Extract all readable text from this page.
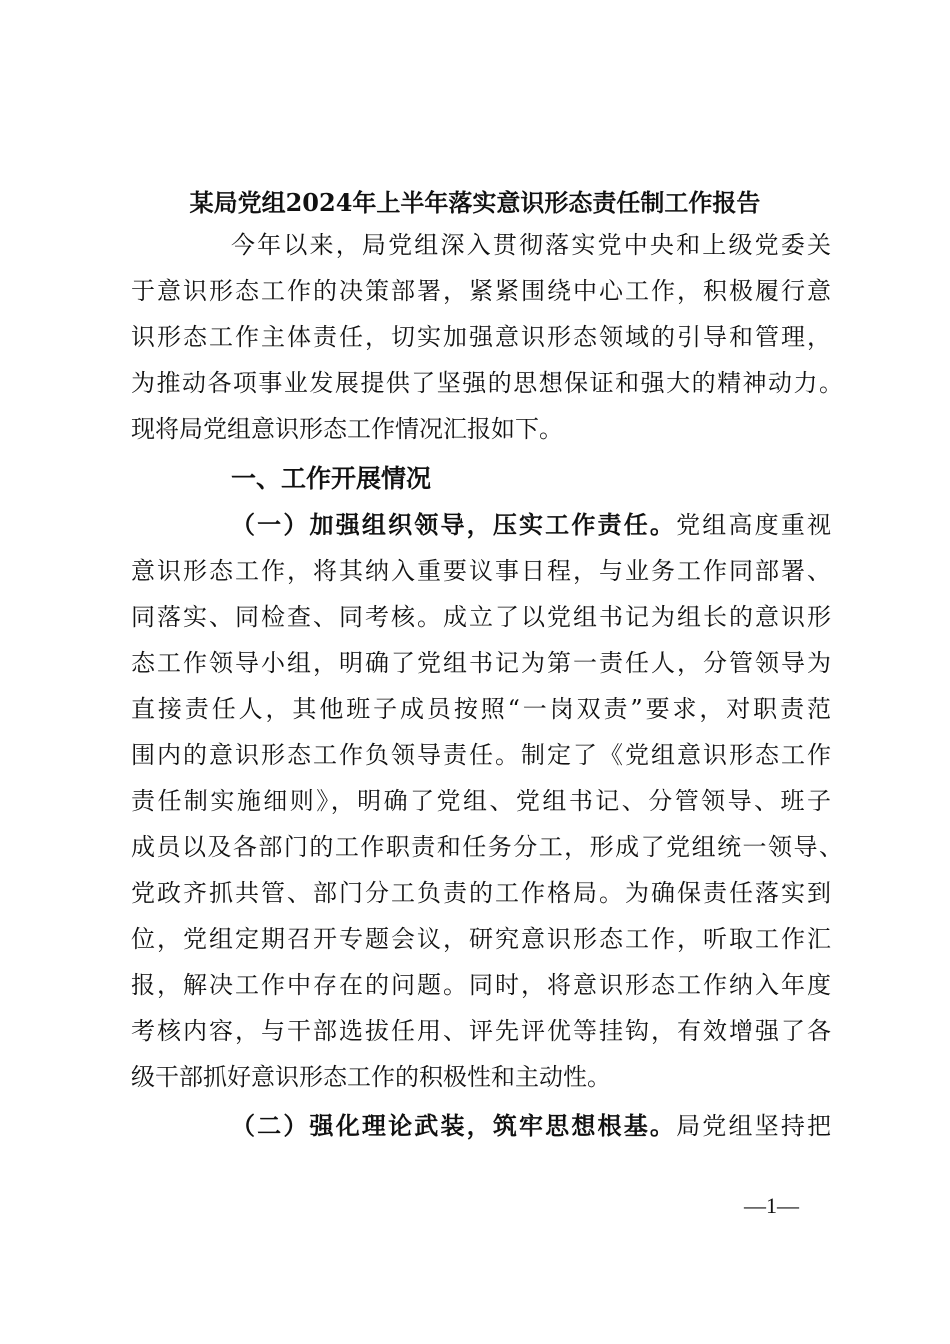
某局党组2024年上半年落实意识形态责任制工作报告
今年以来，局党组深入贯彻落实党中央和上级党委关
于意识形态工作的决策部署，紧紧围绕中心工作，积极履行意
识形态工作主体责任，切实加强意识形态领域的引导和管理，
为推动各项事业发展提供了坚强的思想保证和强大的精神动力。
现将局党组意识形态工作情况汇报如下。
一、工作开展情况
（一）加强组织领导，压实工作责任。党组高度重视
意识形态工作，将其纳入重要议事日程，与业务工作同部署、
同落实、同检查、同考核。成立了以党组书记为组长的意识形
态工作领导小组，明确了党组书记为第一责任人，分管领导为
直接责任人，其他班子成员按照“一岗双责”要求，对职责范
围内的意识形态工作负领导责任。制定了《党组意识形态工作
责任制实施细则》，明确了党组、党组书记、分管领导、班子
成员以及各部门的工作职责和任务分工，形成了党组统一领导、
党政齐抓共管、部门分工负责的工作格局。为确保责任落实到
位，党组定期召开专题会议，研究意识形态工作，听取工作汇
报，解决工作中存在的问题。同时，将意识形态工作纳入年度
考核内容，与干部选拔任用、评先评优等挂钩，有效增强了各
级干部抓好意识形态工作的积极性和主动性。
（二）强化理论武装，筑牢思想根基。局党组坚持把
—1—
